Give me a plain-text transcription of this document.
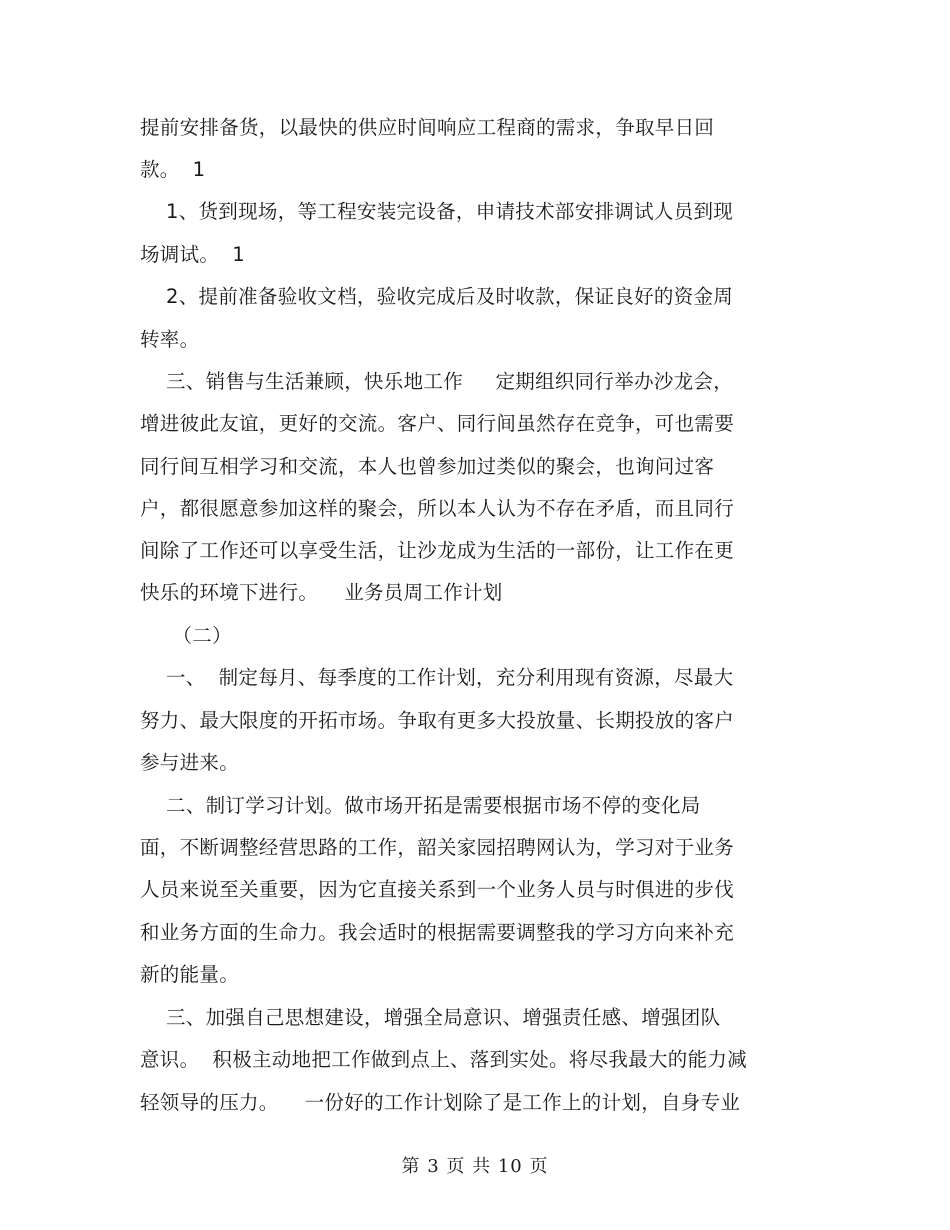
提前安排备货，以最快的供应时间响应工程商的需求，争取早日回
款。  1
1、货到现场，等工程安装完设备，申请技术部安排调试人员到现
场调试。  1
2、提前准备验收文档，验收完成后及时收款，保证良好的资金周
转率。
三、销售与生活兼顾，快乐地工作     定期组织同行举办沙龙会，
增进彼此友谊，更好的交流。客户、同行间虽然存在竞争，可也需要
同行间互相学习和交流，本人也曾参加过类似的聚会，也询问过客
户，都很愿意参加这样的聚会，所以本人认为不存在矛盾，而且同行
间除了工作还可以享受生活，让沙龙成为生活的一部份，让工作在更
快乐的环境下进行。    业务员周工作计划
（二）
一、  制定每月、每季度的工作计划，充分利用现有资源，尽最大
努力、最大限度的开拓市场。争取有更多大投放量、长期投放的客户
参与进来。
二、制订学习计划。做市场开拓是需要根据市场不停的变化局
面，不断调整经营思路的工作，韶关家园招聘网认为，学习对于业务
人员来说至关重要，因为它直接关系到一个业务人员与时俱进的步伐
和业务方面的生命力。我会适时的根据需要调整我的学习方向来补充
新的能量。
三、加强自己思想建设，增强全局意识、增强责任感、增强团队
意识。  积极主动地把工作做到点上、落到实处。将尽我最大的能力减
轻领导的压力。    一份好的工作计划除了是工作上的计划，自身专业
第 3 页 共 10 页
